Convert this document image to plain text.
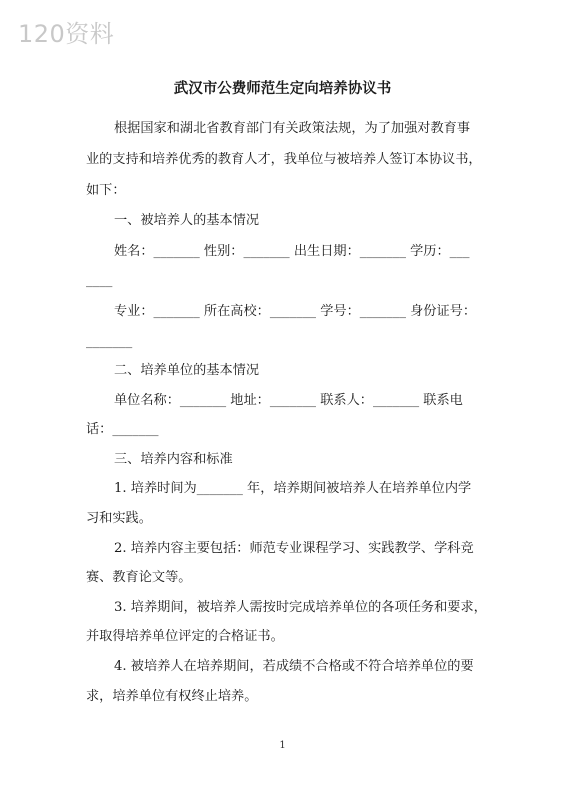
120资料
武汉市公费师范生定向培养协议书
根据国家和湖北省教育部门有关政策法规，为了加强对教育事
业的支持和培养优秀的教育人才，我单位与被培养人签订本协议书，
如下：
一、被培养人的基本情况
姓名：_______ 性别：_______ 出生日期：_______ 学历：___
____
专业：_______ 所在高校：_______ 学号：_______ 身份证号：
_______
二、培养单位的基本情况
单位名称：_______ 地址：_______ 联系人：_______ 联系电
话：_______
三、培养内容和标准
1. 培养时间为_______ 年，培养期间被培养人在培养单位内学
习和实践。
2. 培养内容主要包括：师范专业课程学习、实践教学、学科竞
赛、教育论文等。
3. 培养期间，被培养人需按时完成培养单位的各项任务和要求，
并取得培养单位评定的合格证书。
4. 被培养人在培养期间，若成绩不合格或不符合培养单位的要
求，培养单位有权终止培养。
1
